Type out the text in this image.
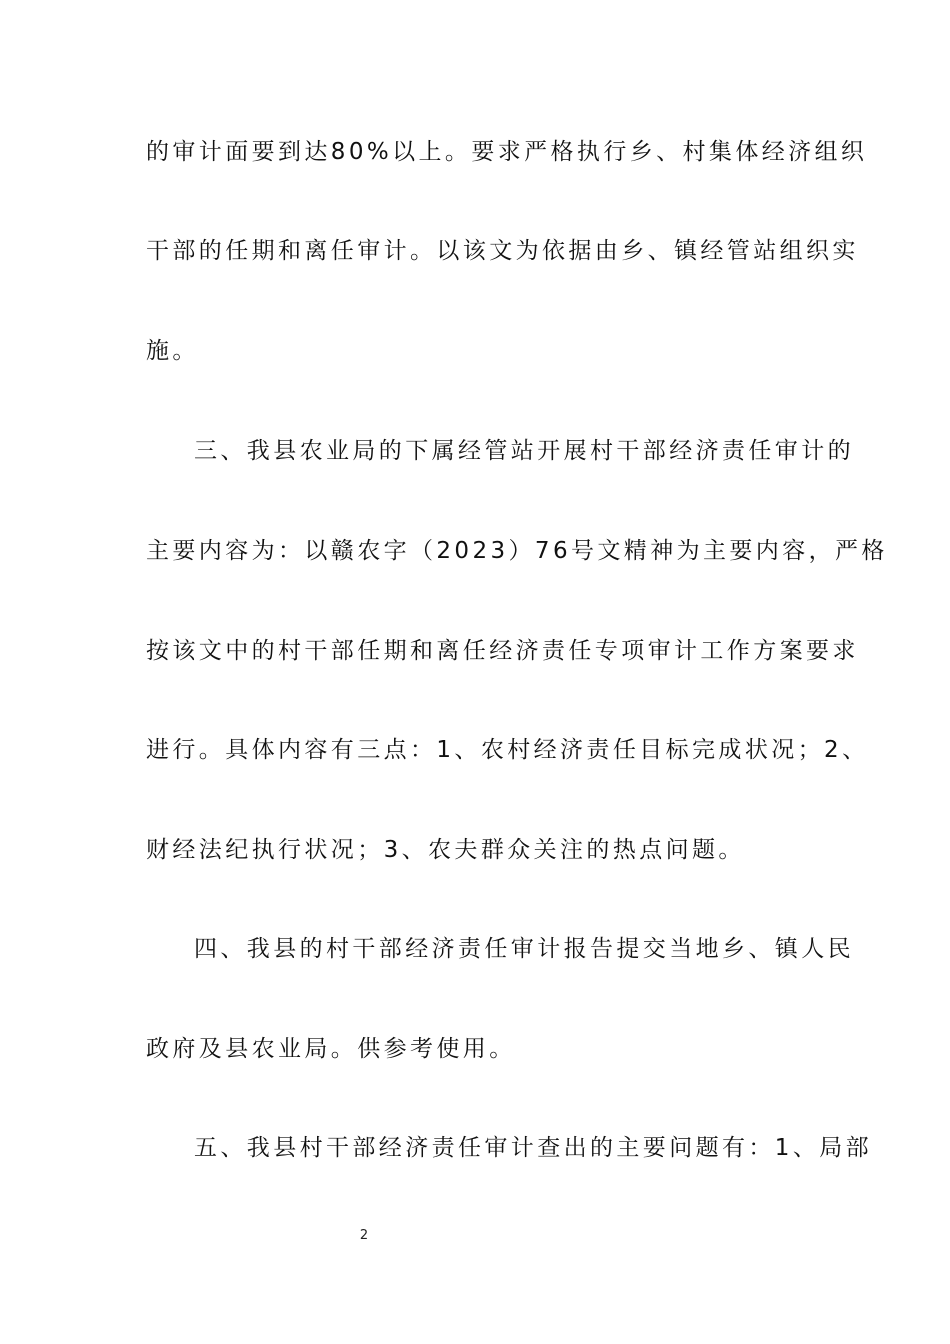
的审计面要到达80%以上。要求严格执行乡、村集体经济组织
干部的任期和离任审计。以该文为依据由乡、镇经管站组织实
施。
三、我县农业局的下属经管站开展村干部经济责任审计的
主要内容为：以赣农字（2023）76号文精神为主要内容，严格
按该文中的村干部任期和离任经济责任专项审计工作方案要求
进行。具体内容有三点：1、农村经济责任目标完成状况；2、
财经法纪执行状况；3、农夫群众关注的热点问题。
四、我县的村干部经济责任审计报告提交当地乡、镇人民
政府及县农业局。供参考使用。
五、我县村干部经济责任审计查出的主要问题有：1、局部
2
